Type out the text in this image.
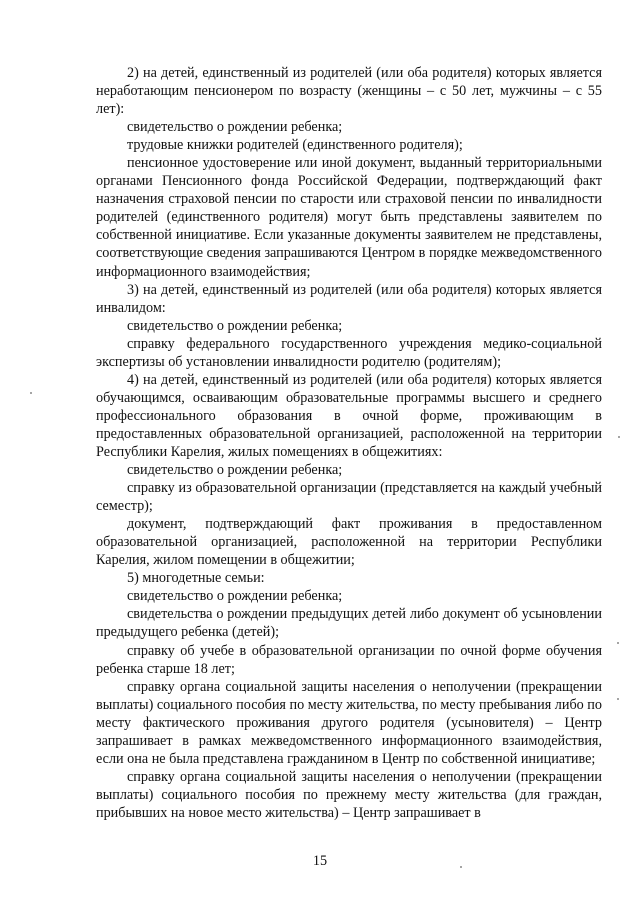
2) на детей, единственный из родителей (или оба родителя) которых является неработающим пенсионером по возрасту (женщины – с 50 лет, мужчины – с 55 лет):

свидетельство о рождении ребенка;

трудовые книжки родителей (единственного родителя);

пенсионное удостоверение или иной документ, выданный территориальными органами Пенсионного фонда Российской Федерации, подтверждающий факт назначения страховой пенсии по старости или страховой пенсии по инвалидности родителей (единственного родителя) могут быть представлены заявителем по собственной инициативе. Если указанные документы заявителем не представлены, соответствующие сведения запрашиваются Центром в порядке межведомственного информационного взаимодействия;

3) на детей, единственный из родителей (или оба родителя) которых является инвалидом:

свидетельство о рождении ребенка;

справку федерального государственного учреждения медико-социальной экспертизы об установлении инвалидности родителю (родителям);

4) на детей, единственный из родителей (или оба родителя) которых является обучающимся, осваивающим образовательные программы высшего и среднего профессионального образования в очной форме, проживающим в предоставленных образовательной организацией, расположенной на территории Республики Карелия, жилых помещениях в общежитиях:

свидетельство о рождении ребенка;

справку из образовательной организации (представляется на каждый учебный семестр);

документ, подтверждающий факт проживания в предоставленном образовательной организацией, расположенной на территории Республики Карелия, жилом помещении в общежитии;

5) многодетные семьи:

свидетельство о рождении ребенка;

свидетельства о рождении предыдущих детей либо документ об усыновлении предыдущего ребенка (детей);

справку об учебе в образовательной организации по очной форме обучения ребенка старше 18 лет;

справку органа социальной защиты населения о неполучении (прекращении выплаты) социального пособия по месту жительства, по месту пребывания либо по месту фактического проживания другого родителя (усыновителя) – Центр запрашивает в рамках межведомственного информационного взаимодействия, если она не была представлена гражданином в Центр по собственной инициативе;

справку органа социальной защиты населения о неполучении (прекращении выплаты) социального пособия по прежнему месту жительства (для граждан, прибывших на новое место жительства) – Центр запрашивает в

15
